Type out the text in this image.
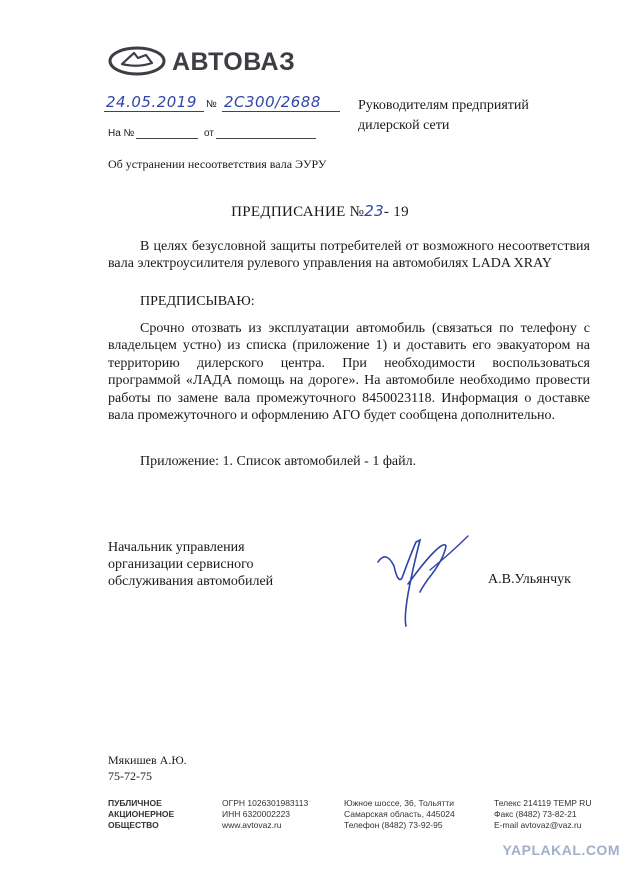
АВТОВАЗ
24.05.2019 № 2C300/2688	Руководителям предприятий
дилерской сети
На №	от
Об устранении несоответствия вала ЭУРУ
ПРЕДПИСАНИЕ №23- 19
В целях безусловной защиты потребителей от возможного несоответствия вала электроусилителя рулевого управления на автомобилях LADA XRAY
ПРЕДПИСЫВАЮ:
Срочно отозвать из эксплуатации автомобиль (связаться по телефону с владельцем устно) из списка (приложение 1) и доставить его эвакуатором на территорию дилерского центра. При необходимости воспользоваться программой «ЛАДА помощь на дороге». На автомобиле необходимо провести работы по замене вала промежуточного 8450023118. Информация о доставке вала промежуточного и оформлению АГО будет сообщена дополнительно.
Приложение: 1. Список автомобилей - 1 файл.
Начальник управления
организации сервисного
обслуживания автомобилей	А.В.Ульянчук
Мякишев А.Ю.
75-72-75
ПУБЛИЧНОЕ
АКЦИОНЕРНОЕ
ОБЩЕСТВО
ОГРН 1026301983113
ИНН 6320002223
www.avtovaz.ru
Южное шоссе, 36, Тольятти
Самарская область, 445024
Телефон (8482) 73-92-95
Телекс 214119 TEMP RU
Факс (8482) 73-82-21
E-mail avtovaz@vaz.ru
YAPLAKAL.COM
